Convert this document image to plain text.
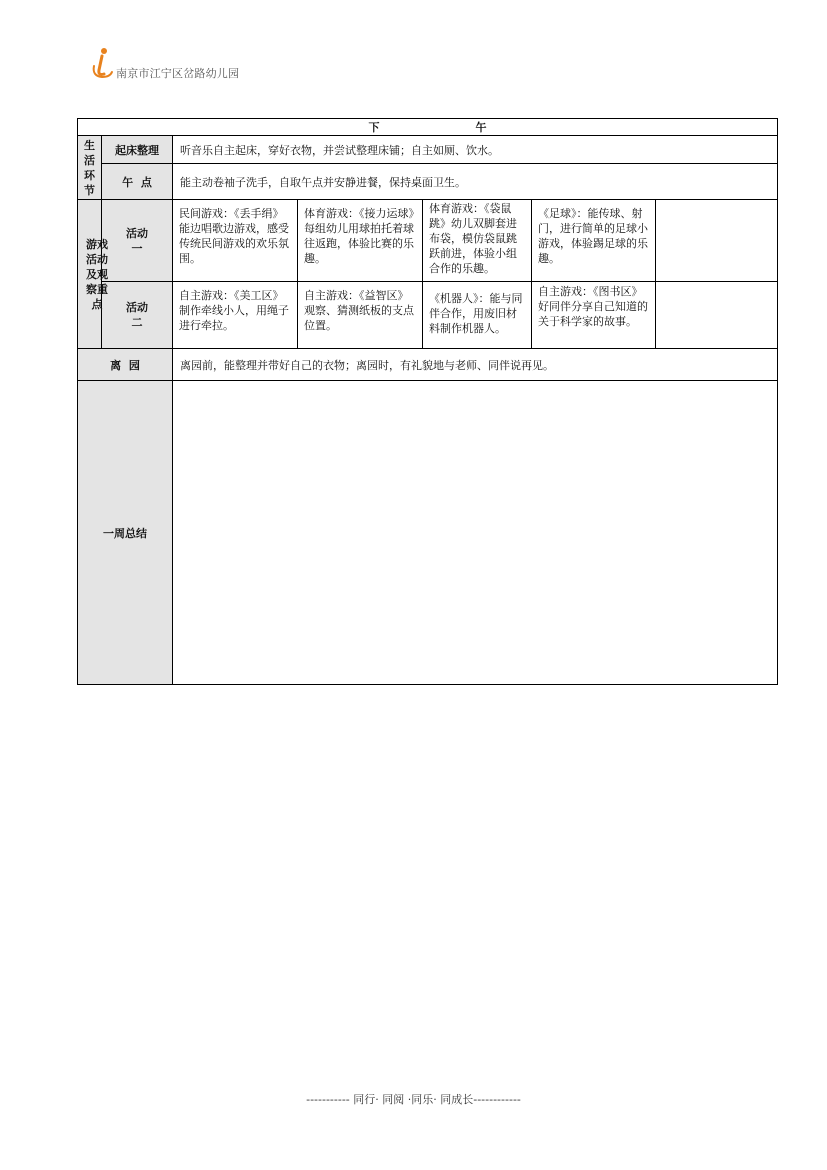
南京市江宁区岔路幼儿园
下午						

生活环节	起床整理	听音乐自主起床，穿好衣物，并尝试整理床铺；自主如厕、饮水。				
	午  点	能主动卷袖子洗手，自取午点并安静进餐，保持桌面卫生。				

游戏活动及观察重点	活动一	民间游戏：《丢手绢》能边唱歌边游戏，感受传统民间游戏的欢乐氛围。	体育游戏：《接力运球》每组幼儿用球拍托着球往返跑，体验比赛的乐趣。	体育游戏：《袋鼠跳》幼儿双脚套进布袋，模仿袋鼠跳跃前进，体验小组合作的乐趣。	《足球》：能传球、射门，进行简单的足球小游戏，体验踢足球的乐趣。	

	活动二	自主游戏：《美工区》制作牵线小人，用绳子进行牵拉。	自主游戏：《益智区》观察、猜测纸板的支点位置。	《机器人》：能与同伴合作，用废旧材料制作机器人。	自主游戏：《图书区》好同伴分享自己知道的关于科学家的故事。	
离  园		离园前，能整理并带好自己的衣物；离园时，有礼貌地与老师、同伴说再见。				
一周总结						
----------- 同行· 同阅 ·同乐· 同成长------------
